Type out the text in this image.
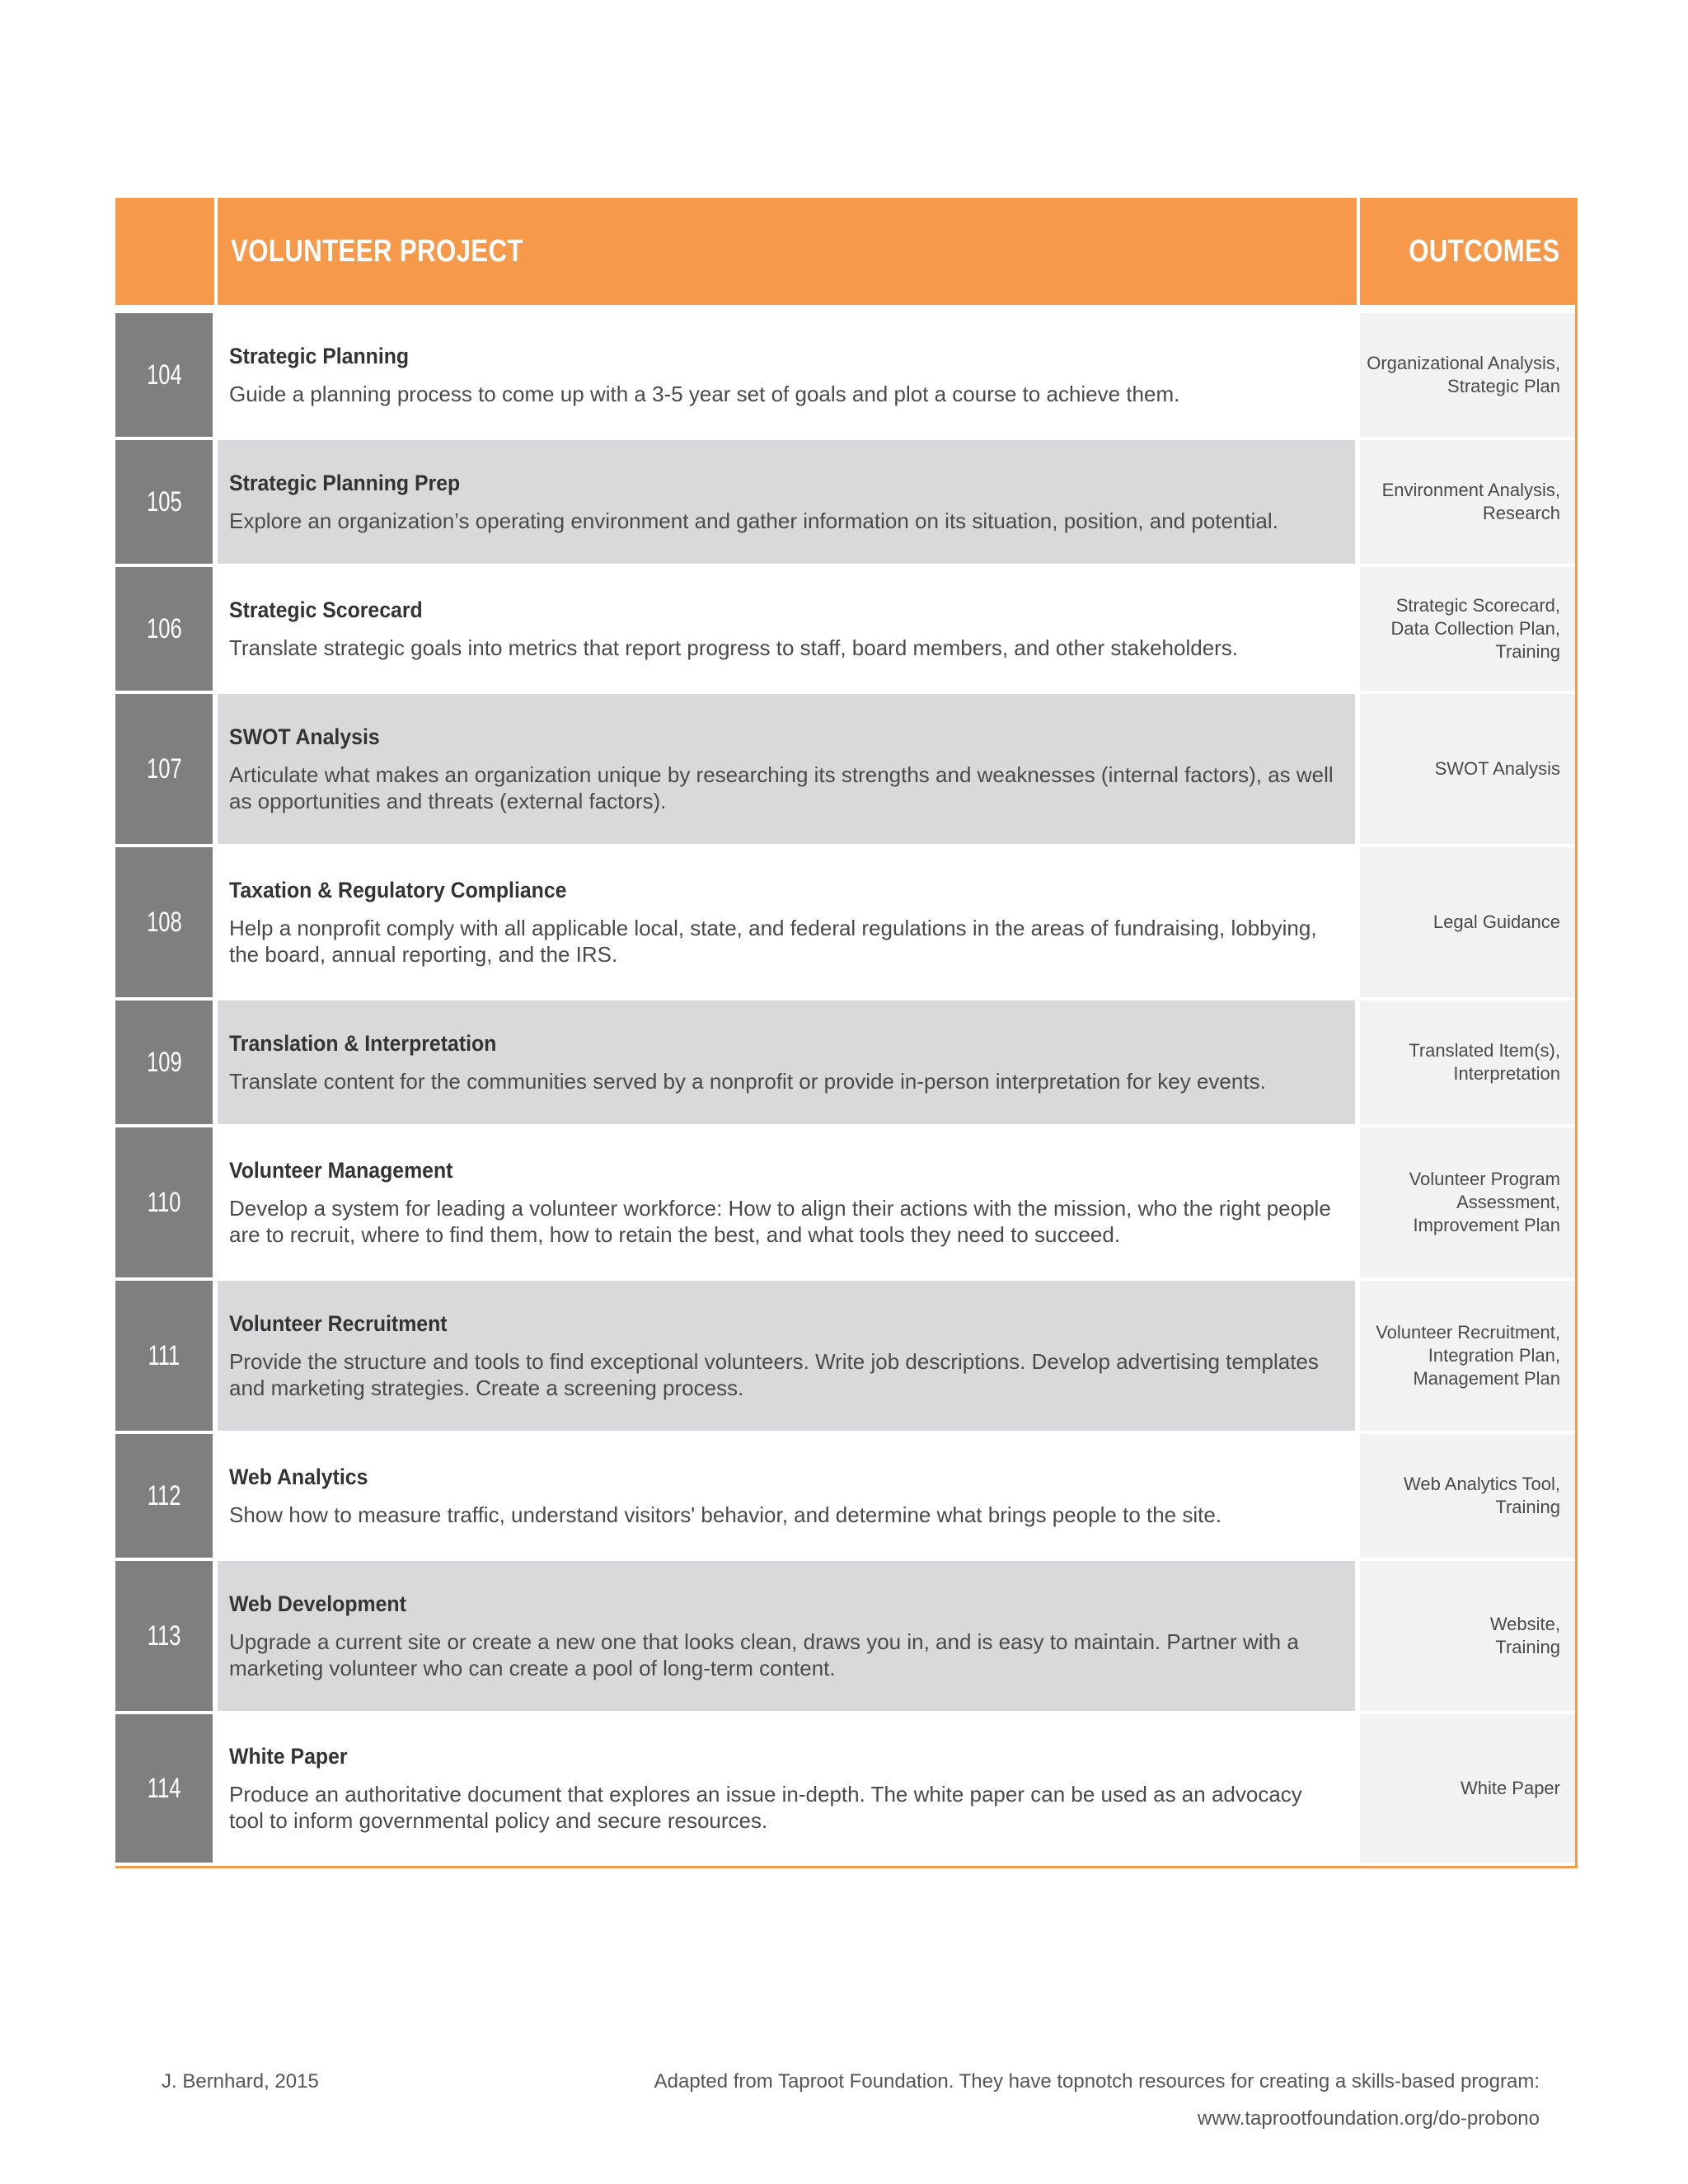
VOLUNTEER PROJECT	OUTCOMES
104
Strategic Planning
Guide a planning process to come up with a 3-5 year set of goals and plot a course to achieve them.
Organizational Analysis,
Strategic Plan
105
Strategic Planning Prep
Explore an organization’s operating environment and gather information on its situation, position, and potential.
Environment Analysis,
Research
106
Strategic Scorecard
Translate strategic goals into metrics that report progress to staff, board members, and other stakeholders.
Strategic Scorecard,
Data Collection Plan,
Training
107
SWOT Analysis
Articulate what makes an organization unique by researching its strengths and weaknesses (internal factors), as well as opportunities and threats (external factors).
SWOT Analysis
108
Taxation & Regulatory Compliance
Help a nonprofit comply with all applicable local, state, and federal regulations in the areas of fundraising, lobbying, the board, annual reporting, and the IRS.
Legal Guidance
109
Translation & Interpretation
Translate content for the communities served by a nonprofit or provide in-person interpretation for key events.
Translated Item(s),
Interpretation
110
Volunteer Management
Develop a system for leading a volunteer workforce: How to align their actions with the mission, who the right people are to recruit, where to find them, how to retain the best, and what tools they need to succeed.
Volunteer Program
Assessment,
Improvement Plan
111
Volunteer Recruitment
Provide the structure and tools to find exceptional volunteers. Write job descriptions. Develop advertising templates and marketing strategies. Create a screening process.
Volunteer Recruitment,
Integration Plan,
Management Plan
112
Web Analytics
Show how to measure traffic, understand visitors' behavior, and determine what brings people to the site.
Web Analytics Tool,
Training
113
Web Development
Upgrade a current site or create a new one that looks clean, draws you in, and is easy to maintain. Partner with a marketing volunteer who can create a pool of long-term content.
Website,
Training
114
White Paper
Produce an authoritative document that explores an issue in-depth. The white paper can be used as an advocacy tool to inform governmental policy and secure resources.
White Paper
J. Bernhard, 2015	Adapted from Taproot Foundation. They have topnotch resources for creating a skills-based program:
www.taprootfoundation.org/do-probono
